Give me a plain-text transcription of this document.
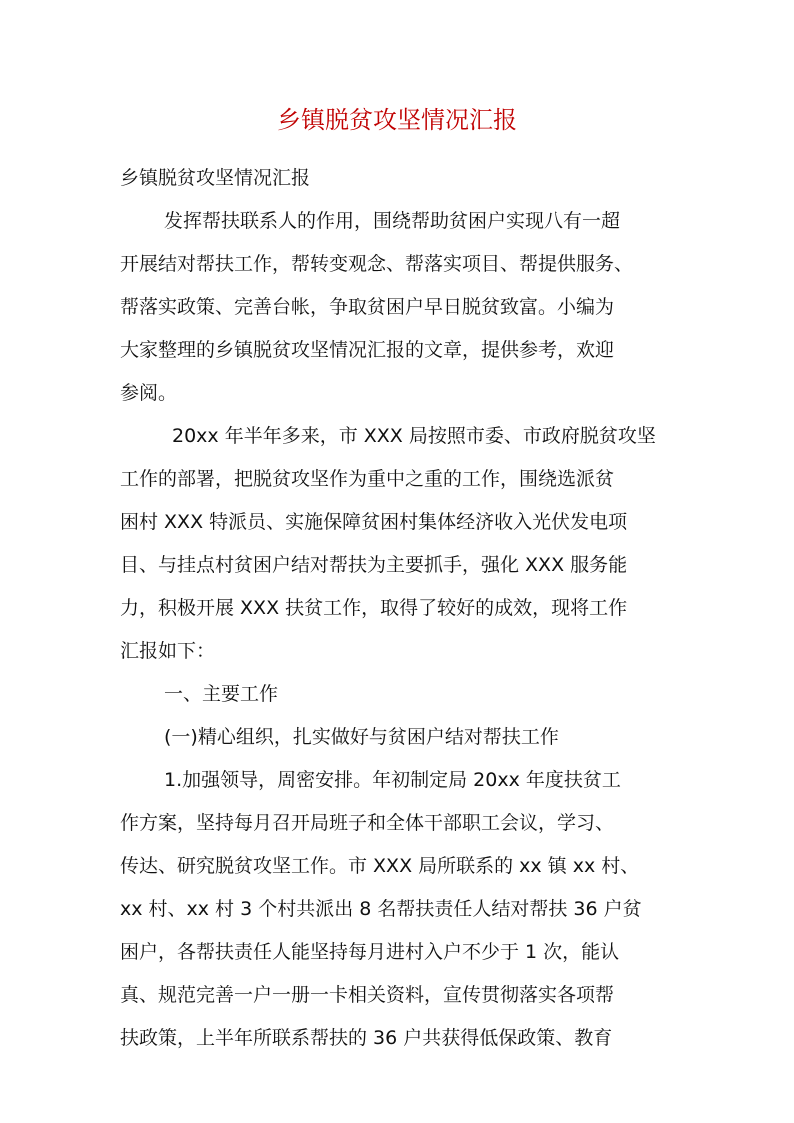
乡镇脱贫攻坚情况汇报
乡镇脱贫攻坚情况汇报
发挥帮扶联系人的作用，围绕帮助贫困户实现八有一超
开展结对帮扶工作，帮转变观念、帮落实项目、帮提供服务、
帮落实政策、完善台帐，争取贫困户早日脱贫致富。小编为
大家整理的乡镇脱贫攻坚情况汇报的文章，提供参考，欢迎
参阅。
20xx 年半年多来，市 XXX 局按照市委、市政府脱贫攻坚
工作的部署，把脱贫攻坚作为重中之重的工作，围绕选派贫
困村 XXX 特派员、实施保障贫困村集体经济收入光伏发电项
目、与挂点村贫困户结对帮扶为主要抓手，强化 XXX 服务能
力，积极开展 XXX 扶贫工作，取得了较好的成效，现将工作
汇报如下：
一、主要工作
(一)精心组织，扎实做好与贫困户结对帮扶工作
1.加强领导，周密安排。年初制定局 20xx 年度扶贫工
作方案，坚持每月召开局班子和全体干部职工会议，学习、
传达、研究脱贫攻坚工作。市 XXX 局所联系的 xx 镇 xx 村、
xx 村、xx 村 3 个村共派出 8 名帮扶责任人结对帮扶 36 户贫
困户，各帮扶责任人能坚持每月进村入户不少于 1 次，能认
真、规范完善一户一册一卡相关资料，宣传贯彻落实各项帮
扶政策，上半年所联系帮扶的 36 户共获得低保政策、教育
